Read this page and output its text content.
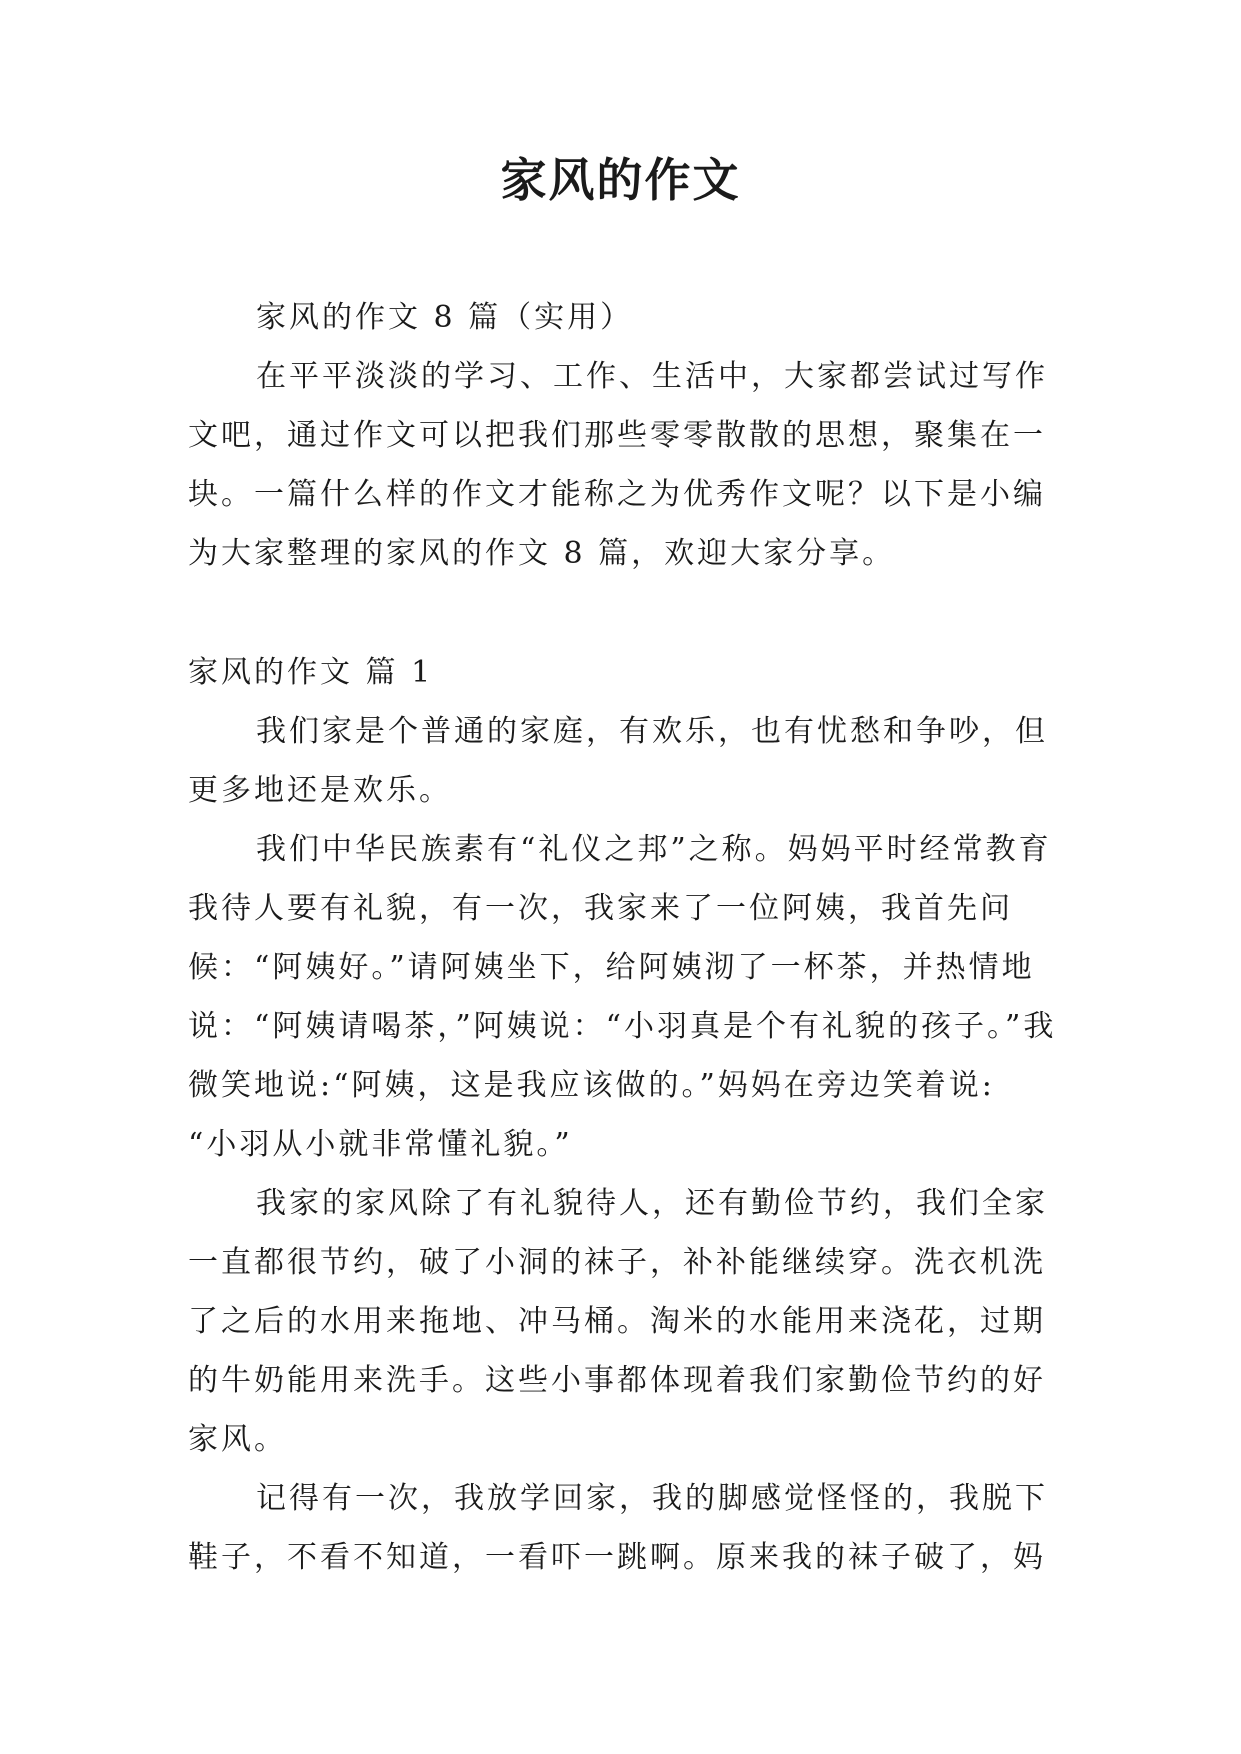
家风的作文

家风的作文 8 篇（实用）

在平平淡淡的学习、工作、生活中，大家都尝试过写作文吧，通过作文可以把我们那些零零散散的思想，聚集在一块。一篇什么样的作文才能称之为优秀作文呢？以下是小编为大家整理的家风的作文 8 篇，欢迎大家分享。

家风的作文 篇 1

我们家是个普通的家庭，有欢乐，也有忧愁和争吵，但更多地还是欢乐。

我们中华民族素有“礼仪之邦”之称。妈妈平时经常教育我待人要有礼貌，有一次，我家来了一位阿姨，我首先问候：“阿姨好。”请阿姨坐下，给阿姨沏了一杯茶，并热情地说：“阿姨请喝茶，”阿姨说：“小羽真是个有礼貌的孩子。”我微笑地说:“阿姨，这是我应该做的。”妈妈在旁边笑着说:

“小羽从小就非常懂礼貌。”

我家的家风除了有礼貌待人，还有勤俭节约，我们全家一直都很节约，破了小洞的袜子，补补能继续穿。洗衣机洗了之后的水用来拖地、冲马桶。淘米的水能用来浇花，过期的牛奶能用来洗手。这些小事都体现着我们家勤俭节约的好家风。

记得有一次，我放学回家，我的脚感觉怪怪的，我脱下鞋子，不看不知道，一看吓一跳啊。原来我的袜子破了，妈
